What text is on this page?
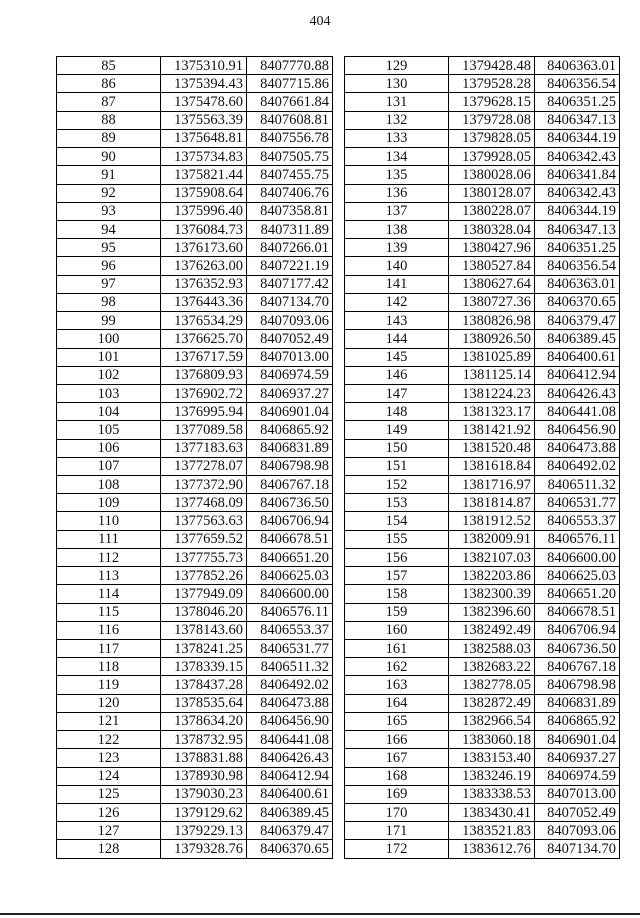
404
85	1375310.91	8407770.88
86	1375394.43	8407715.86
87	1375478.60	8407661.84
88	1375563.39	8407608.81
89	1375648.81	8407556.78
90	1375734.83	8407505.75
91	1375821.44	8407455.75
92	1375908.64	8407406.76
93	1375996.40	8407358.81
94	1376084.73	8407311.89
95	1376173.60	8407266.01
96	1376263.00	8407221.19
97	1376352.93	8407177.42
98	1376443.36	8407134.70
99	1376534.29	8407093.06
100	1376625.70	8407052.49
101	1376717.59	8407013.00
102	1376809.93	8406974.59
103	1376902.72	8406937.27
104	1376995.94	8406901.04
105	1377089.58	8406865.92
106	1377183.63	8406831.89
107	1377278.07	8406798.98
108	1377372.90	8406767.18
109	1377468.09	8406736.50
110	1377563.63	8406706.94
111	1377659.52	8406678.51
112	1377755.73	8406651.20
113	1377852.26	8406625.03
114	1377949.09	8406600.00
115	1378046.20	8406576.11
116	1378143.60	8406553.37
117	1378241.25	8406531.77
118	1378339.15	8406511.32
119	1378437.28	8406492.02
120	1378535.64	8406473.88
121	1378634.20	8406456.90
122	1378732.95	8406441.08
123	1378831.88	8406426.43
124	1378930.98	8406412.94
125	1379030.23	8406400.61
126	1379129.62	8406389.45
127	1379229.13	8406379.47
128	1379328.76	8406370.65
129	1379428.48	8406363.01
130	1379528.28	8406356.54
131	1379628.15	8406351.25
132	1379728.08	8406347.13
133	1379828.05	8406344.19
134	1379928.05	8406342.43
135	1380028.06	8406341.84
136	1380128.07	8406342.43
137	1380228.07	8406344.19
138	1380328.04	8406347.13
139	1380427.96	8406351.25
140	1380527.84	8406356.54
141	1380627.64	8406363.01
142	1380727.36	8406370.65
143	1380826.98	8406379.47
144	1380926.50	8406389.45
145	1381025.89	8406400.61
146	1381125.14	8406412.94
147	1381224.23	8406426.43
148	1381323.17	8406441.08
149	1381421.92	8406456.90
150	1381520.48	8406473.88
151	1381618.84	8406492.02
152	1381716.97	8406511.32
153	1381814.87	8406531.77
154	1381912.52	8406553.37
155	1382009.91	8406576.11
156	1382107.03	8406600.00
157	1382203.86	8406625.03
158	1382300.39	8406651.20
159	1382396.60	8406678.51
160	1382492.49	8406706.94
161	1382588.03	8406736.50
162	1382683.22	8406767.18
163	1382778.05	8406798.98
164	1382872.49	8406831.89
165	1382966.54	8406865.92
166	1383060.18	8406901.04
167	1383153.40	8406937.27
168	1383246.19	8406974.59
169	1383338.53	8407013.00
170	1383430.41	8407052.49
171	1383521.83	8407093.06
172	1383612.76	8407134.70
